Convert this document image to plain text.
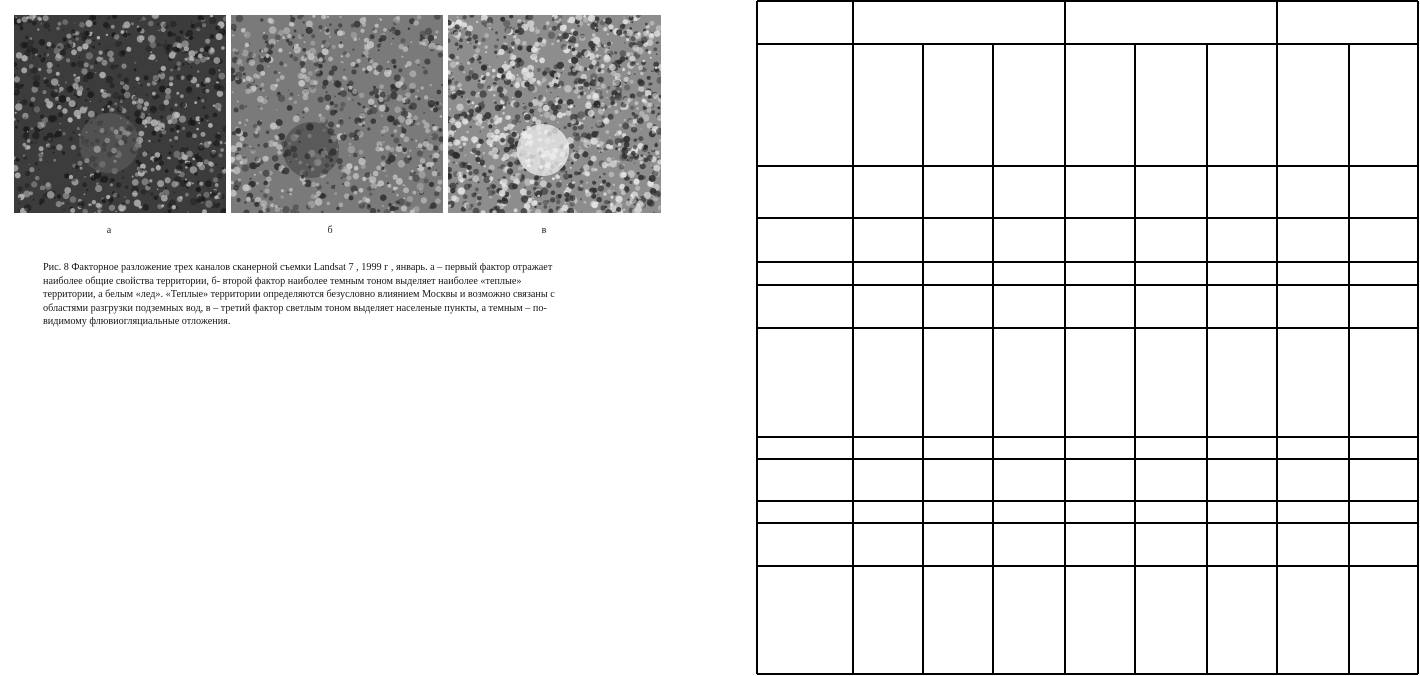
а	б	в
Рис. 8 Факторное разложение трех каналов сканерной съемки Landsat 7 , 1999 г , январь. а – первый фактор отражает
наиболее общие свойства территории, б- второй фактор наиболее темным тоном выделяет наиболее «теплые»
территории, а белым «лед». «Теплые» территории определяются безусловно влиянием Москвы и возможно связаны с
областями разгрузки подземных вод, в – третий фактор светлым тоном выделяет населеные пункты, а темным – по-
видимому флювиогляциальные отложения.
